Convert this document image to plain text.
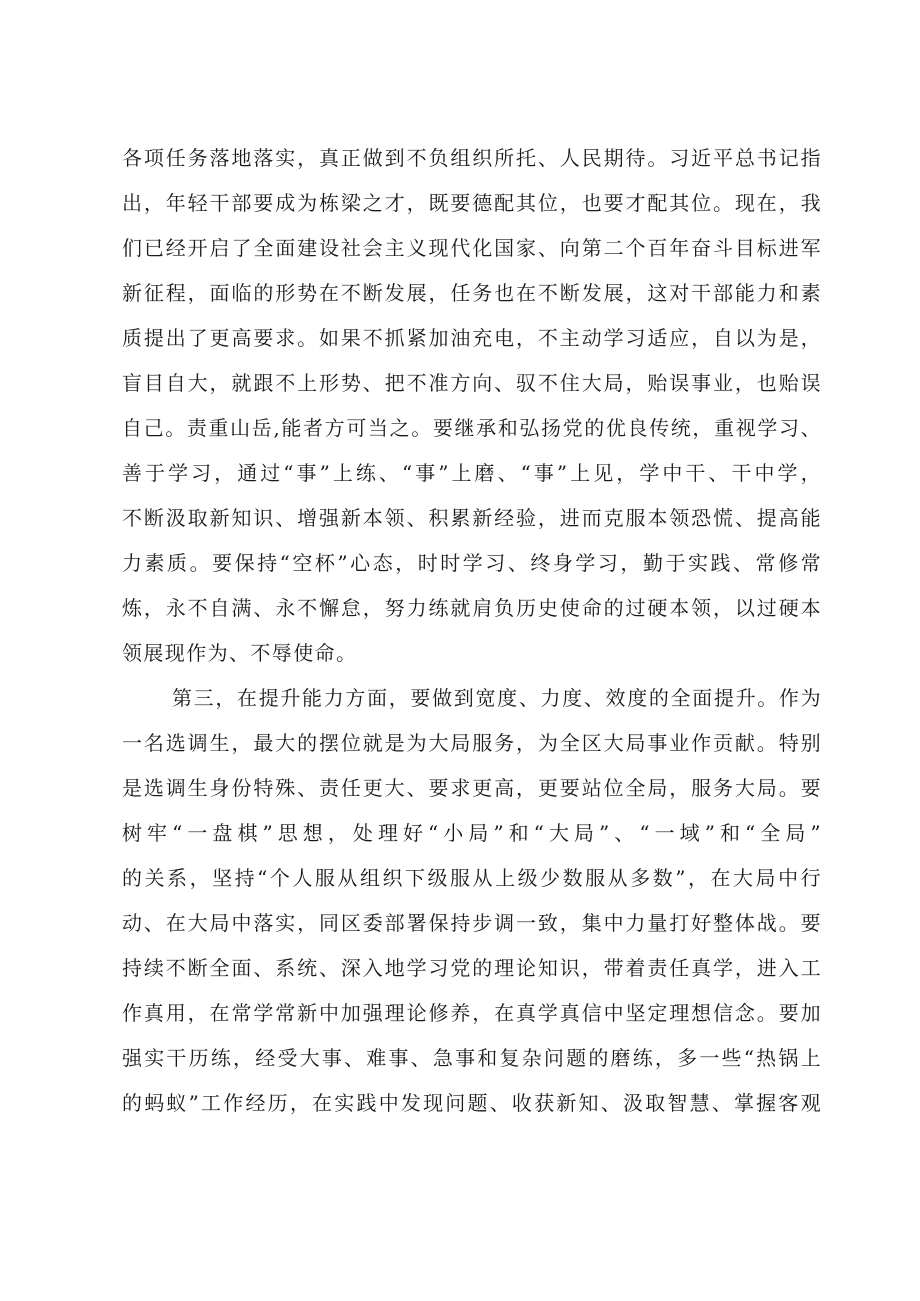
各项任务落地落实，真正做到不负组织所托、人民期待。习近平总书记指
出，年轻干部要成为栋梁之才，既要德配其位，也要才配其位。现在，我
们已经开启了全面建设社会主义现代化国家、向第二个百年奋斗目标进军
新征程，面临的形势在不断发展，任务也在不断发展，这对干部能力和素
质提出了更高要求。如果不抓紧加油充电，不主动学习适应，自以为是，
盲目自大，就跟不上形势、把不准方向、驭不住大局，贻误事业，也贻误
自己。责重山岳,能者方可当之。要继承和弘扬党的优良传统，重视学习、
善于学习，通过“事”上练、“事”上磨、“事”上见，学中干、干中学，
不断汲取新知识、增强新本领、积累新经验，进而克服本领恐慌、提高能
力素质。要保持“空杯”心态，时时学习、终身学习，勤于实践、常修常
炼，永不自满、永不懈怠，努力练就肩负历史使命的过硬本领，以过硬本
领展现作为、不辱使命。
第三，在提升能力方面，要做到宽度、力度、效度的全面提升。作为
一名选调生，最大的摆位就是为大局服务，为全区大局事业作贡献。特别
是选调生身份特殊、责任更大、要求更高，更要站位全局，服务大局。要
树牢“一盘棋”思想，处理好“小局”和“大局”、“一域”和“全局”
的关系，坚持“个人服从组织下级服从上级少数服从多数”，在大局中行
动、在大局中落实，同区委部署保持步调一致，集中力量打好整体战。要
持续不断全面、系统、深入地学习党的理论知识，带着责任真学，进入工
作真用，在常学常新中加强理论修养，在真学真信中坚定理想信念。要加
强实干历练，经受大事、难事、急事和复杂问题的磨练，多一些“热锅上
的蚂蚁”工作经历，在实践中发现问题、收获新知、汲取智慧、掌握客观
